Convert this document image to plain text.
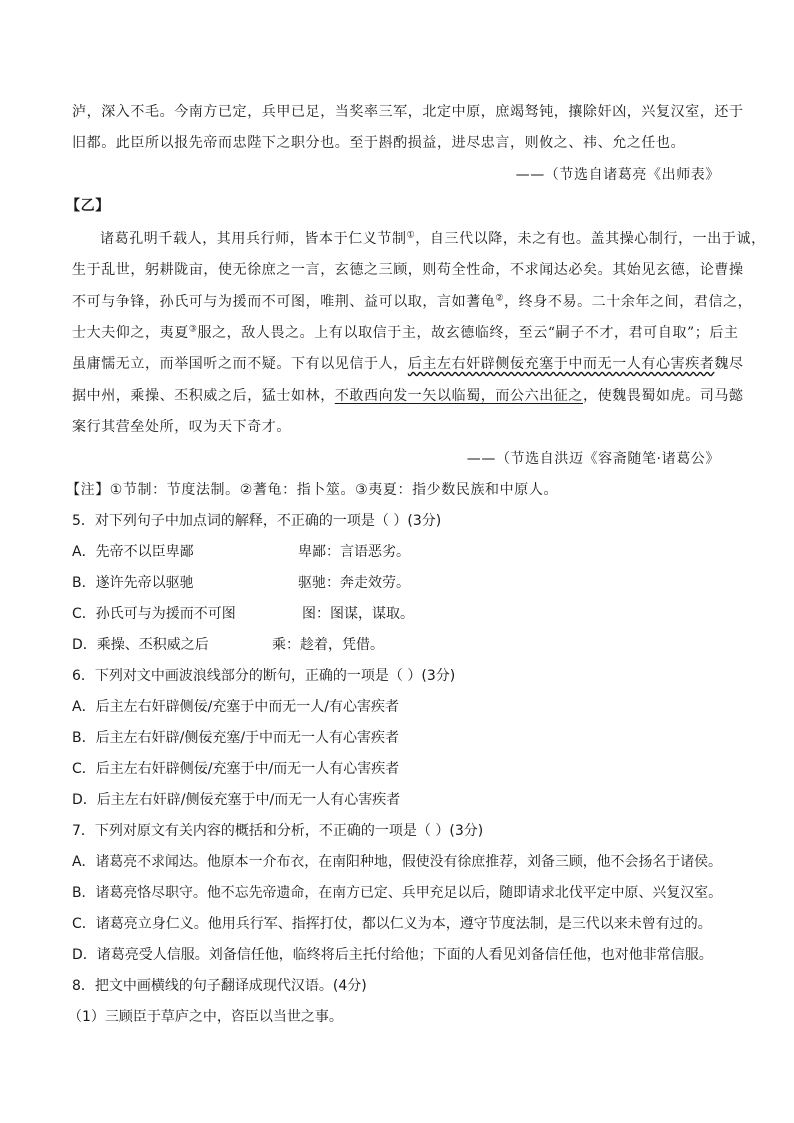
泸，深入不毛。今南方已定，兵甲已足，当奖率三军，北定中原，庶竭驽钝，攘除奸凶，兴复汉室，还于
旧都。此臣所以报先帝而忠陛下之职分也。至于斟酌损益，进尽忠言，则攸之、祎、允之任也。
——（节选自诸葛亮《出师表》
【乙】
诸葛孔明千载人，其用兵行师，皆本于仁义节制①，自三代以降，未之有也。盖其操心制行，一出于诚，
生于乱世，躬耕陇亩，使无徐庶之一言，玄德之三顾，则苟全性命，不求闻达必矣。其始见玄德，论曹操
不可与争锋，孙氏可与为援而不可图，唯荆、益可以取，言如蓍龟②，终身不易。二十余年之间，君信之，
士大夫仰之，夷夏③服之，敌人畏之。上有以取信于主，故玄德临终，至云“嗣子不才，君可自取”；后主
虽庸懦无立，而举国听之而不疑。下有以见信于人，后主左右奸辟侧佞充塞于中而无一人有心害疾者魏尽
据中州，乘操、丕积威之后，猛士如林，不敢西向发一矢以临蜀，而公六出征之，使魏畏蜀如虎。司马懿
案行其营垒处所，叹为天下奇才。
——（节选自洪迈《容斋随笔·诸葛公》
【注】①节制：节度法制。②蓍龟：指卜筮。③夷夏：指少数民族和中原人。
5．对下列句子中加点词的解释，不正确的一项是（ ）(3分)
A．先帝不以臣卑鄙	卑鄙：言语恶劣。
B．遂许先帝以驱驰	驱驰：奔走效劳。
C．孙氏可与为援而不可图	图：图谋，谋取。
D．乘操、丕积威之后	乘：趁着，凭借。
6．下列对文中画波浪线部分的断句，正确的一项是（ ）(3分)
A．后主左右奸辟侧佞/充塞于中而无一人/有心害疾者
B．后主左右奸辟/侧佞充塞/于中而无一人有心害疾者
C．后主左右奸辟侧佞/充塞于中/而无一人有心害疾者
D．后主左右奸辟/侧佞充塞于中/而无一人有心害疾者
7．下列对原文有关内容的概括和分析，不正确的一项是（ ）(3分)
A．诸葛亮不求闻达。他原本一介布衣，在南阳种地，假使没有徐庶推荐，刘备三顾，他不会扬名于诸侯。
B．诸葛亮恪尽职守。他不忘先帝遗命，在南方已定、兵甲充足以后，随即请求北伐平定中原、兴复汉室。
C．诸葛亮立身仁义。他用兵行军、指挥打仗，都以仁义为本，遵守节度法制，是三代以来未曾有过的。
D．诸葛亮受人信服。刘备信任他，临终将后主托付给他；下面的人看见刘备信任他，也对他非常信服。
8．把文中画横线的句子翻译成现代汉语。(4分)
（1）三顾臣于草庐之中，咨臣以当世之事。
